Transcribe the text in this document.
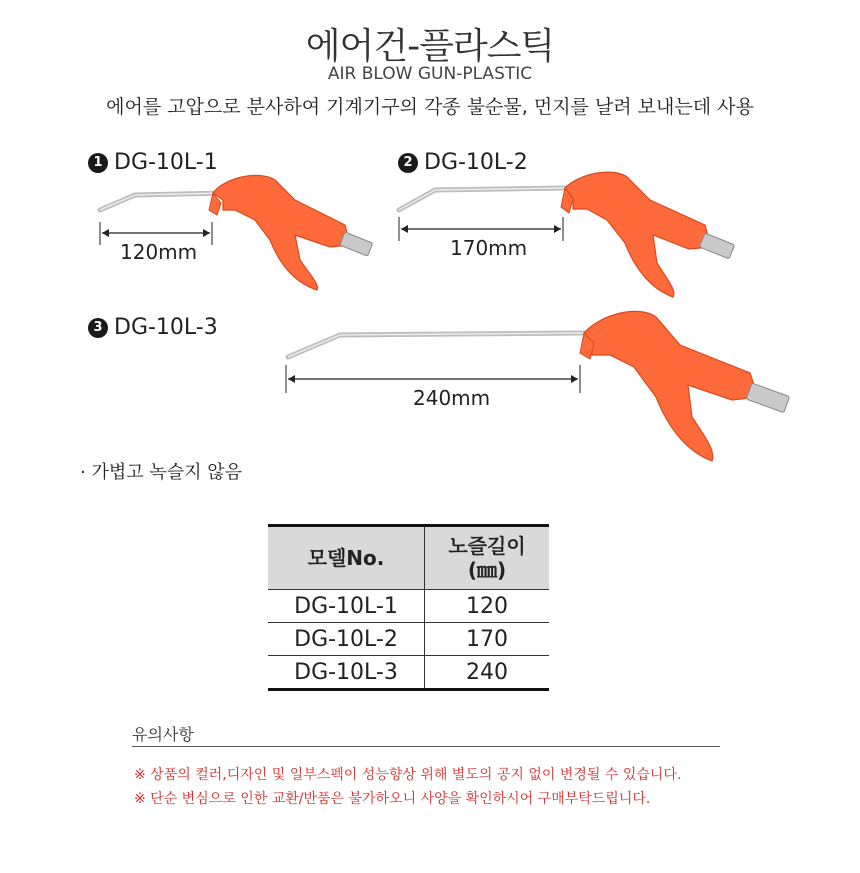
에어건-플라스틱
AIR BLOW GUN-PLASTIC
에어를 고압으로 분사하여 기계기구의 각종 불순물, 먼지를 날려 보내는데 사용
1 DG-10L-1	2 DG-10L-2
3 DG-10L-3
120mm	170mm
240mm
· 가볍고 녹슬지 않음
모델No.	노즐길이
(㎜)

DG-10L-1	120
DG-10L-2	170
DG-10L-3	240
유의사항
※ 상품의 컬러,디자인 및 일부스펙이 성능향상 위해 별도의 공지 없이 변경될 수 있습니다.
※ 단순 변심으로 인한 교환/반품은 불가하오니 사양을 확인하시어 구매부탁드립니다.
